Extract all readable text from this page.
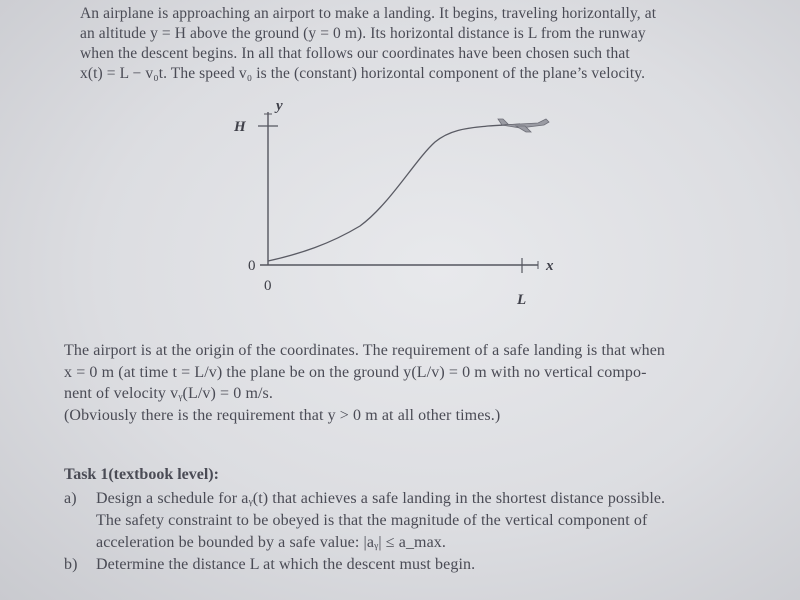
An airplane is approaching an airport to make a landing. It begins, traveling horizontally, at
an altitude y = H above the ground (y = 0 m). Its horizontal distance is L from the runway
when the descent begins. In all that follows our coordinates have been chosen such that
x(t) = L − v₀t. The speed v₀ is the (constant) horizontal component of the plane’s velocity.

y
x
H
0
0
L

The airport is at the origin of the coordinates. The requirement of a safe landing is that when
x = 0 m (at time t = L/v) the plane be on the ground y(L/v) = 0 m with no vertical compo-
nent of velocity vᵧ(L/v) = 0 m/s.
(Obviously there is the requirement that y > 0 m at all other times.)

Task 1(textbook level):

a) Design a schedule for aᵧ(t) that achieves a safe landing in the shortest distance possible.
The safety constraint to be obeyed is that the magnitude of the vertical component of
acceleration be bounded by a safe value: |aᵧ| ≤ a_max.
b) Determine the distance L at which the descent must begin.
